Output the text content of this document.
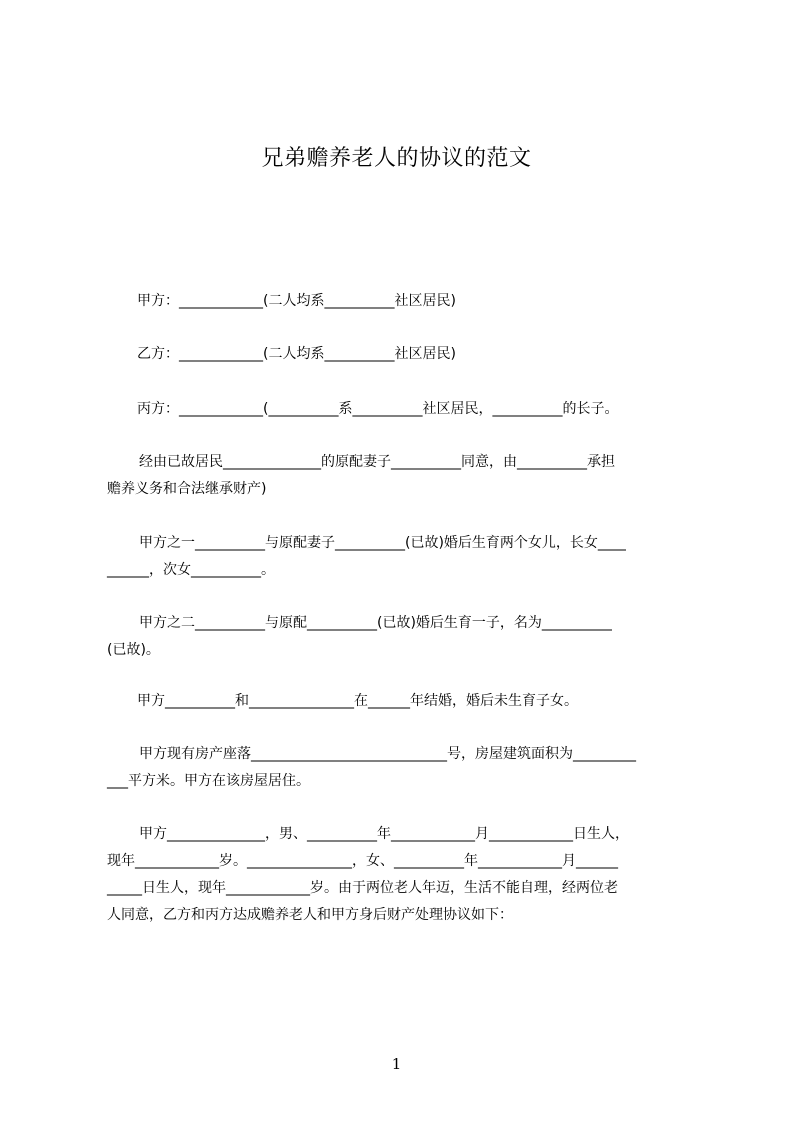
兄弟赡养老人的协议的范文
甲方：____________(二人均系__________社区居民)
乙方：____________(二人均系__________社区居民)
丙方：____________(__________系__________社区居民，__________的长子。
经由已故居民______________的原配妻子__________同意，由__________承担
赡养义务和合法继承财产)
甲方之一__________与原配妻子__________(已故)婚后生育两个女儿，长女____
______，次女__________。
甲方之二__________与原配__________(已故)婚后生育一子，名为__________
(已故)。
甲方__________和_______________在______年结婚，婚后未生育子女。
甲方现有房产座落____________________________号，房屋建筑面积为_________
___平方米。甲方在该房屋居住。
甲方______________，男、__________年____________月____________日生人，
现年____________岁。_______________，女、__________年____________月______
_____日生人，现年____________岁。由于两位老人年迈，生活不能自理，经两位老
人同意，乙方和丙方达成赡养老人和甲方身后财产处理协议如下：
1
